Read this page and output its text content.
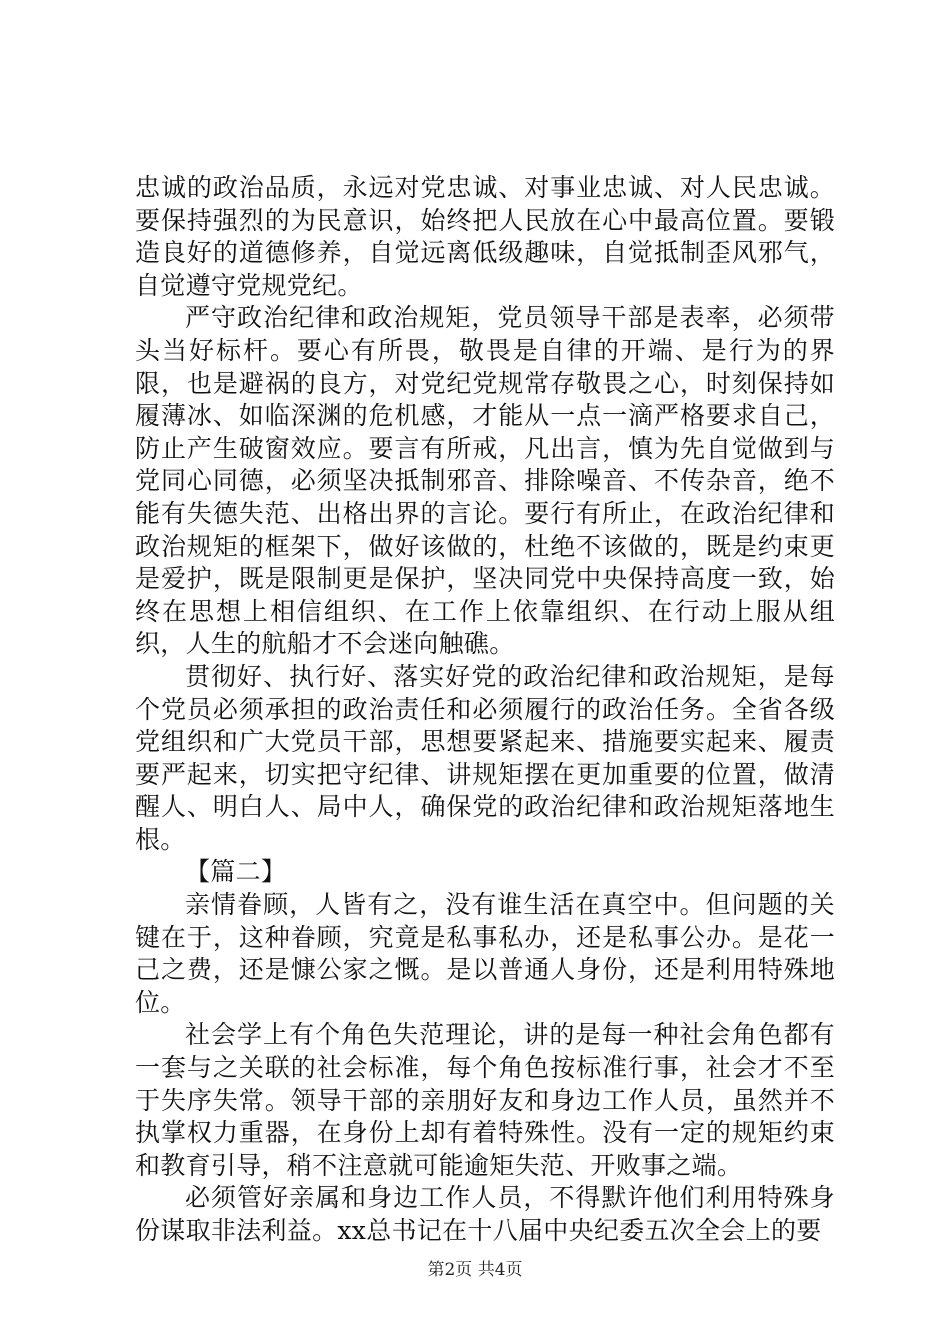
忠诚的政治品质，永远对党忠诚、对事业忠诚、对人民忠诚。要保持强烈的为民意识，始终把人民放在心中最高位置。要锻造良好的道德修养，自觉远离低级趣味，自觉抵制歪风邪气，自觉遵守党规党纪。

严守政治纪律和政治规矩，党员领导干部是表率，必须带头当好标杆。要心有所畏，敬畏是自律的开端、是行为的界限，也是避祸的良方，对党纪党规常存敬畏之心，时刻保持如履薄冰、如临深渊的危机感，才能从一点一滴严格要求自己，防止产生破窗效应。要言有所戒，凡出言，慎为先自觉做到与党同心同德，必须坚决抵制邪音、排除噪音、不传杂音，绝不能有失德失范、出格出界的言论。要行有所止，在政治纪律和政治规矩的框架下，做好该做的，杜绝不该做的，既是约束更是爱护，既是限制更是保护，坚决同党中央保持高度一致，始终在思想上相信组织、在工作上依靠组织、在行动上服从组织，人生的航船才不会迷向触礁。

贯彻好、执行好、落实好党的政治纪律和政治规矩，是每个党员必须承担的政治责任和必须履行的政治任务。全省各级党组织和广大党员干部，思想要紧起来、措施要实起来、履责要严起来，切实把守纪律、讲规矩摆在更加重要的位置，做清醒人、明白人、局中人，确保党的政治纪律和政治规矩落地生根。

【篇二】

亲情眷顾，人皆有之，没有谁生活在真空中。但问题的关键在于，这种眷顾，究竟是私事私办，还是私事公办。是花一己之费，还是慷公家之慨。是以普通人身份，还是利用特殊地位。

社会学上有个角色失范理论，讲的是每一种社会角色都有一套与之关联的社会标准，每个角色按标准行事，社会才不至于失序失常。领导干部的亲朋好友和身边工作人员，虽然并不执掌权力重器，在身份上却有着特殊性。没有一定的规矩约束和教育引导，稍不注意就可能逾矩失范、开败事之端。

必须管好亲属和身边工作人员，不得默许他们利用特殊身份谋取非法利益。xx总书记在十八届中央纪委五次全会上的要

第2页 共4页
